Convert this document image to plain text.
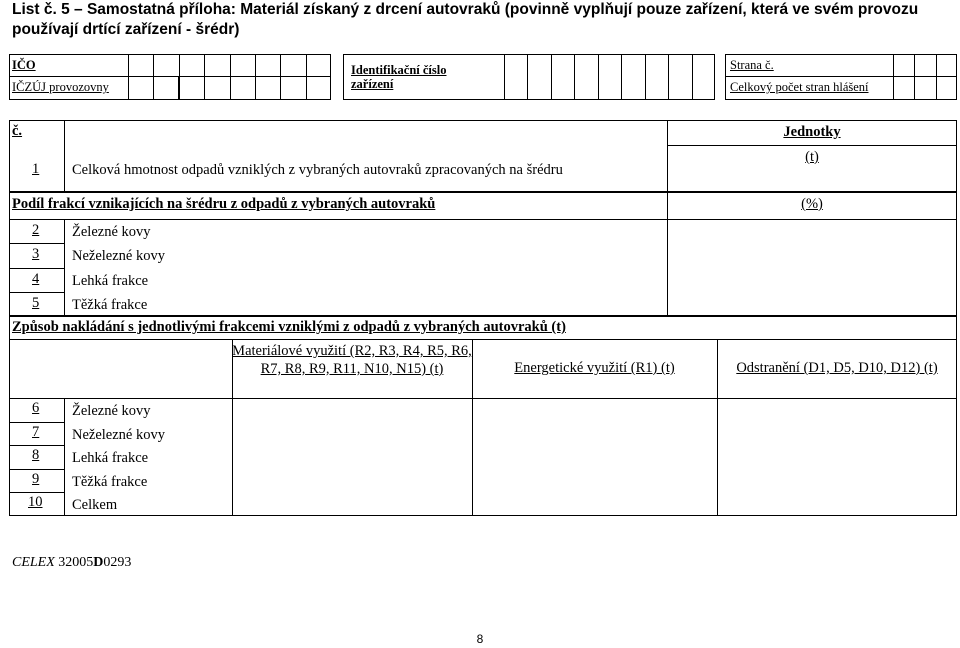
List č. 5 – Samostatná příloha: Materiál získaný z drcení autovraků (povinně vyplňují pouze zařízení, která ve svém provozu používají drtící zařízení - šrédr)
IČO
IČZÚJ provozovny
Identifikační číslo zařízení
Strana č.
Celkový počet stran hlášení
č.	Jednotky
1 Celková hmotnost odpadů vzniklých z vybraných autovraků zpracovaných na šrédru
(t)
Podíl frakcí vznikajících na šrédru z odpadů z vybraných autovraků	(%)
Způsob nakládání s jednotlivými frakcemi vzniklými z odpadů z vybraných autovraků (t)
Materiálové využití (R2, R3, R4, R5, R6, R7, R8, R9, R11, N10, N15) (t)	Energetické využití (R1) (t)	Odstranění (D1, D5, D10, D12) (t)
CELEX 32005D0293
8
2 Železné kovy
3 Neželezné kovy
4 Lehká frakce
5 Těžká frakce
6 Železné kovy
7 Neželezné kovy
8 Lehká frakce
9 Těžká frakce
10 Celkem
